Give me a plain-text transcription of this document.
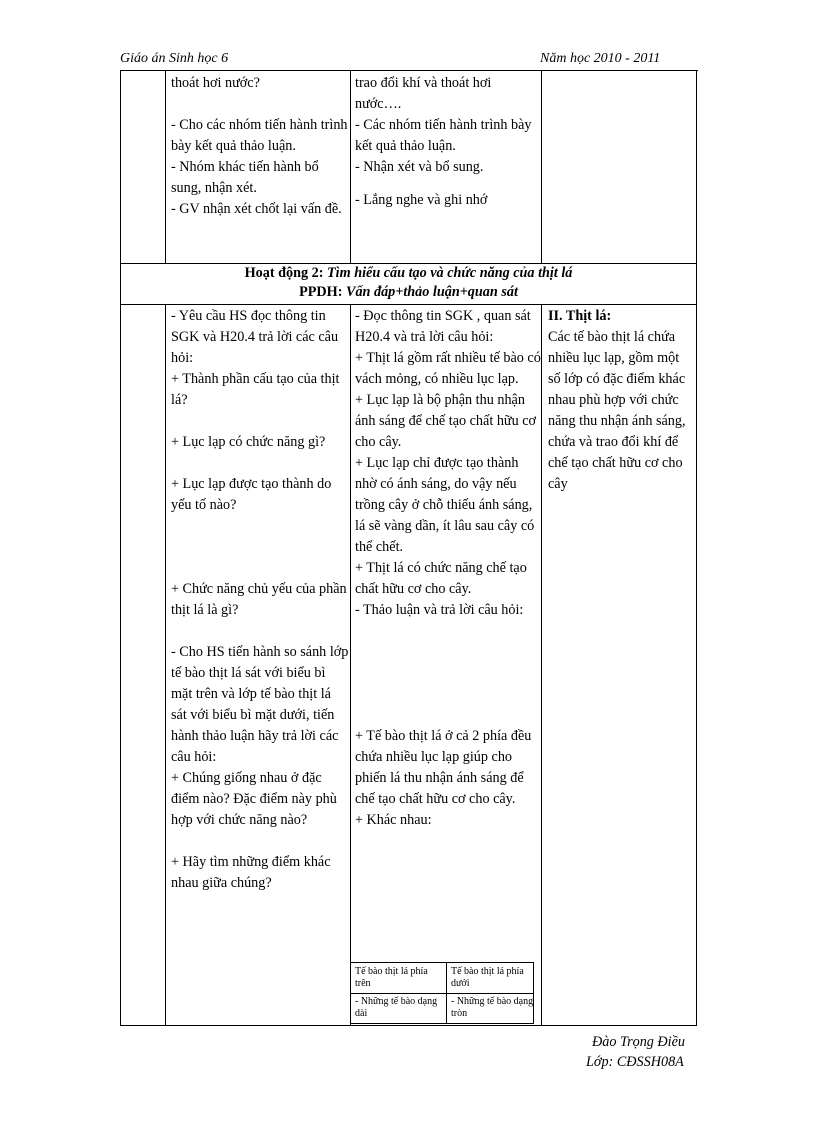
Giáo án Sinh học 6	Năm học 2010 - 2011

thoát hơi nước?

- Cho các nhóm tiến hành trình bày kết quả thảo luận.

- Nhóm khác tiến hành bổ sung, nhận xét.

- GV nhận xét chốt lại vấn đề.

trao đổi khí và thoát hơi nước….

- Các nhóm tiến hành trình bày kết quả thảo luận.

- Nhận xét và bổ sung.

- Lắng nghe và ghi nhớ

Hoạt động 2: Tìm hiểu cấu tạo và chức năng của thịt lá
PPDH: Vấn đáp+thảo luận+quan sát

- Yêu cầu HS đọc thông tin SGK và H20.4 trả lời các câu hỏi:

+ Thành phần cấu tạo của thịt lá?

+ Lục lạp có chức năng gì?

+ Lục lạp được tạo thành do yếu tố nào?

+ Chức năng chủ yếu của phần thịt lá là gì?

- Cho HS tiến hành so sánh lớp tế bào thịt lá sát với biểu bì mặt trên và lớp tế bào thịt lá sát với biểu bì mặt dưới, tiến hành thảo luận hãy trả lời các câu hỏi:

+ Chúng giống nhau ở đặc điểm nào? Đặc điểm này phù hợp với chức năng nào?

+ Hãy tìm những điểm khác nhau giữa chúng?

- Đọc thông tin SGK , quan sát H20.4 và trả lời câu hỏi:

+ Thịt lá gồm rất nhiều tế bào có vách mỏng, có nhiều lục lạp.

+ Lục lạp là bộ phận thu nhận ánh sáng để chế tạo chất hữu cơ cho cây.

+ Lục lạp chỉ được tạo thành nhờ có ánh sáng, do vậy nếu trồng cây ở chỗ thiếu ánh sáng, lá sẽ vàng dần, ít lâu sau cây có thể chết.

+ Thịt lá có chức năng chế tạo chất hữu cơ cho cây.

- Thảo luận và trả lời câu hỏi:

+ Tế bào thịt lá ở cả 2 phía đều chứa nhiều lục lạp giúp cho phiến lá thu nhận ánh sáng để chế tạo chất hữu cơ cho cây.

+ Khác nhau:

II. Thịt lá:

Các tế bào thịt lá chứa nhiều lục lạp, gồm một số lớp có đặc điểm khác nhau phù hợp với chức năng thu nhận ánh sáng, chứa và trao đổi khí để chế tạo chất hữu cơ cho cây

Tế bào thịt lá phía trên
Tế bào thịt lá phía dưới
- Những tế bào dạng dài
- Những tế bào dạng tròn
Đào Trọng Điều
Lớp: CĐSSH08A
